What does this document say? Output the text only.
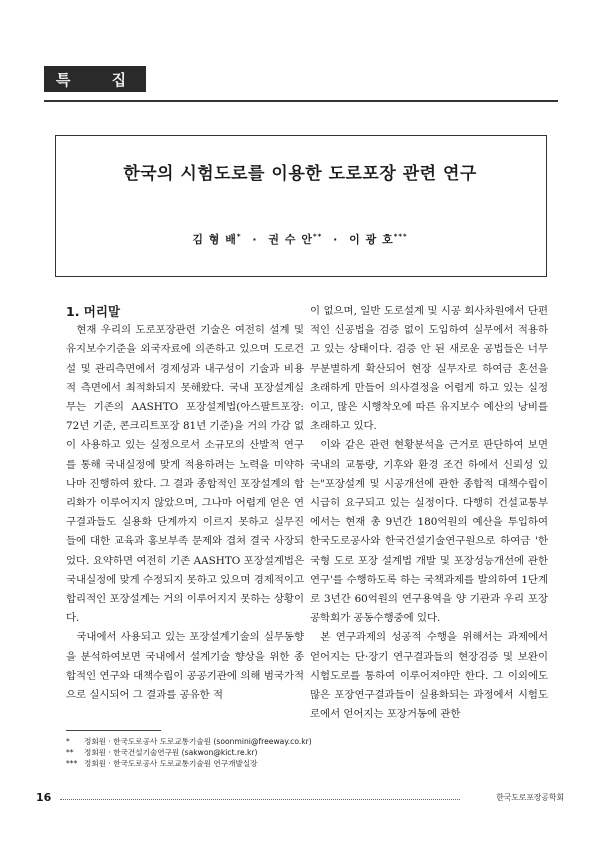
특 집
한국의 시험도로를 이용한 도로포장 관련 연구
김 형 배* · 권 수 안** · 이 광 호***

1. 머리말

현재 우리의 도로포장관련 기술은 여전히 설계 및 유지보수기준을 외국자료에 의존하고 있으며 도로건설 및 관리측면에서 경제성과 내구성이 기술과 비용적 측면에서 최적화되지 못해왔다. 국내 포장설계실무는 기존의 AASHTO 포장설계법(아스팔트포장: 72년 기준, 콘크리트포장 81년 기준)을 거의 가감 없이 사용하고 있는 실정으로서 소규모의 산발적 연구를 통해 국내실정에 맞게 적용하려는 노력을 미약하나마 진행하여 왔다. 그 결과 종합적인 포장설계의 합리화가 이루어지지 않았으며, 그나마 어렵게 얻은 연구결과들도 실용화 단계까지 이르지 못하고 실무진 들에 대한 교육과 홍보부족 문제와 겹쳐 결국 사장되었다. 요약하면 여전히 기존 AASHTO 포장설계법은 국내실정에 맞게 수정되지 못하고 있으며 경제적이고 합리적인 포장설계는 거의 이루어지지 못하는 상황이다.

국내에서 사용되고 있는 포장설계기술의 실무동향을 분석하여보면 국내에서 설계기술 향상을 위한 종합적인 연구와 대책수립이 공공기관에 의해 범국가적으로 실시되어 그 결과를 공유한 적

이 없으며, 일반 도로설계 및 시공 회사차원에서 단편적인 신공법을 검증 없이 도입하여 실무에서 적용하고 있는 상태이다. 검증 안 된 새로운 공법들은 너무 무분별하게 확산되어 현장 실무자로 하여금 혼선을 초래하게 만들어 의사결정을 어렵게 하고 있는 실정이고, 많은 시행착오에 따른 유지보수 예산의 낭비를 초래하고 있다.

이와 같은 관련 현황분석을 근거로 판단하여 보면 국내의 교통량, 기후와 환경 조건 하에서 신뢰성 있는"포장설계 및 시공개선에 관한 종합적 대책수립이 시급히 요구되고 있는 실정이다. 다행히 건설교통부에서는 현재 총 9년간 180억원의 예산을 투입하여 한국도로공사와 한국건설기술연구원으로 하여금 '한국형 도로 포장 설계법 개발 및 포장성능개선에 관한 연구'를 수행하도록 하는 국책과제를 발의하여 1단계로 3년간 60억원의 연구용역을 양 기관과 우리 포장공학회가 공동수행중에 있다.

본 연구과제의 성공적 수행을 위해서는 과제에서 얻어지는 단·장기 연구결과들의 현장검증 및 보완이 시험도로를 통하여 이루어져야만 한다. 그 이외에도 많은 포장연구결과들이 실용화되는 과정에서 시험도로에서 얻어지는 포장거동에 관한

* 정회원 · 한국도로공사 도로교통기술원 (soonmini@freeway.co.kr)
** 정회원 · 한국건설기술연구원 (sakwon@kict.re.kr)
*** 정회원 · 한국도로공사 도로교통기술원 연구개발실장
16	한국도로포장공학회
